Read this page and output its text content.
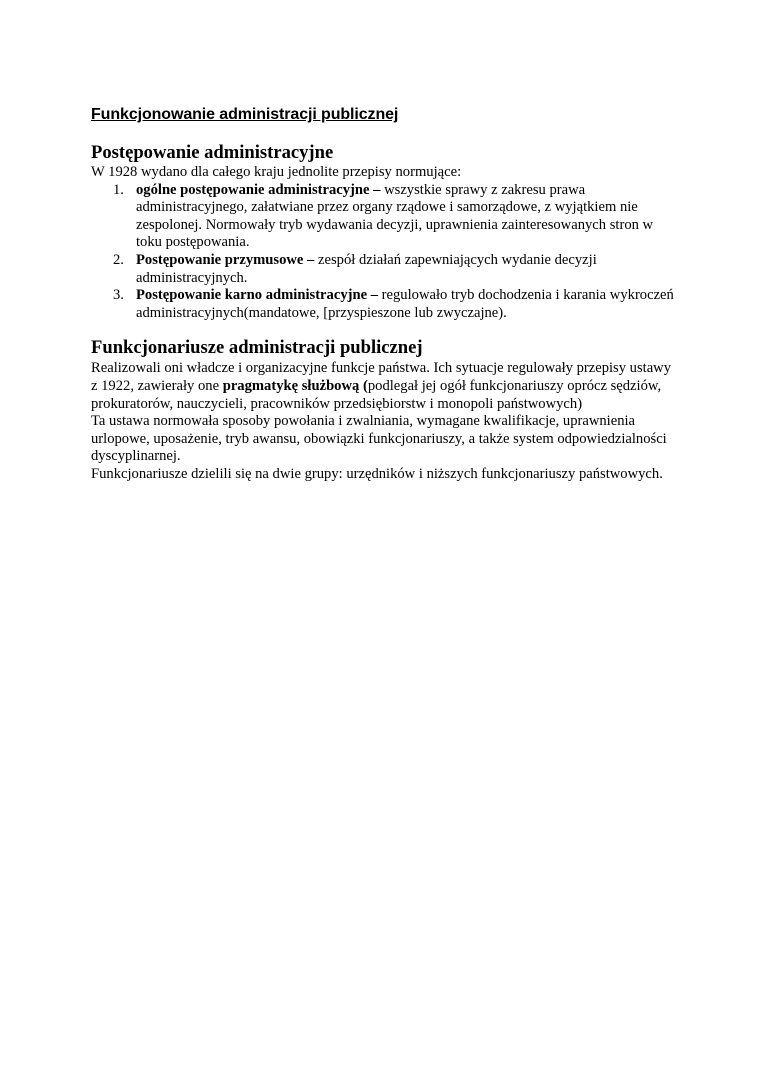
Funkcjonowanie administracji publicznej
Postępowanie administracyjne

W 1928 wydano dla całego kraju jednolite przepisy normujące:

1. ogólne postępowanie administracyjne – wszystkie sprawy z zakresu prawa administracyjnego, załatwiane przez organy rządowe i samorządowe, z wyjątkiem nie zespolonej. Normowały tryb wydawania decyzji, uprawnienia zainteresowanych stron w toku postępowania.
2. Postępowanie przymusowe – zespół działań zapewniających wydanie decyzji administracyjnych.
3. Postępowanie karno administracyjne – regulowało tryb dochodzenia i karania wykroczeń administracyjnych(mandatowe, [przyspieszone lub zwyczajne).
Funkcjonariusze administracji publicznej

Realizowali oni władcze i organizacyjne funkcje państwa. Ich sytuacje regulowały przepisy ustawy z 1922, zawierały one pragmatykę służbową (podlegał jej ogół funkcjonariuszy oprócz sędziów, prokuratorów, nauczycieli, pracowników przedsiębiorstw i monopoli państwowych)

Ta ustawa normowała sposoby powołania i zwalniania, wymagane kwalifikacje, uprawnienia urlopowe, uposażenie, tryb awansu, obowiązki funkcjonariuszy, a także system odpowiedzialności dyscyplinarnej.

Funkcjonariusze dzielili się na dwie grupy: urzędników i niższych funkcjonariuszy państwowych.
